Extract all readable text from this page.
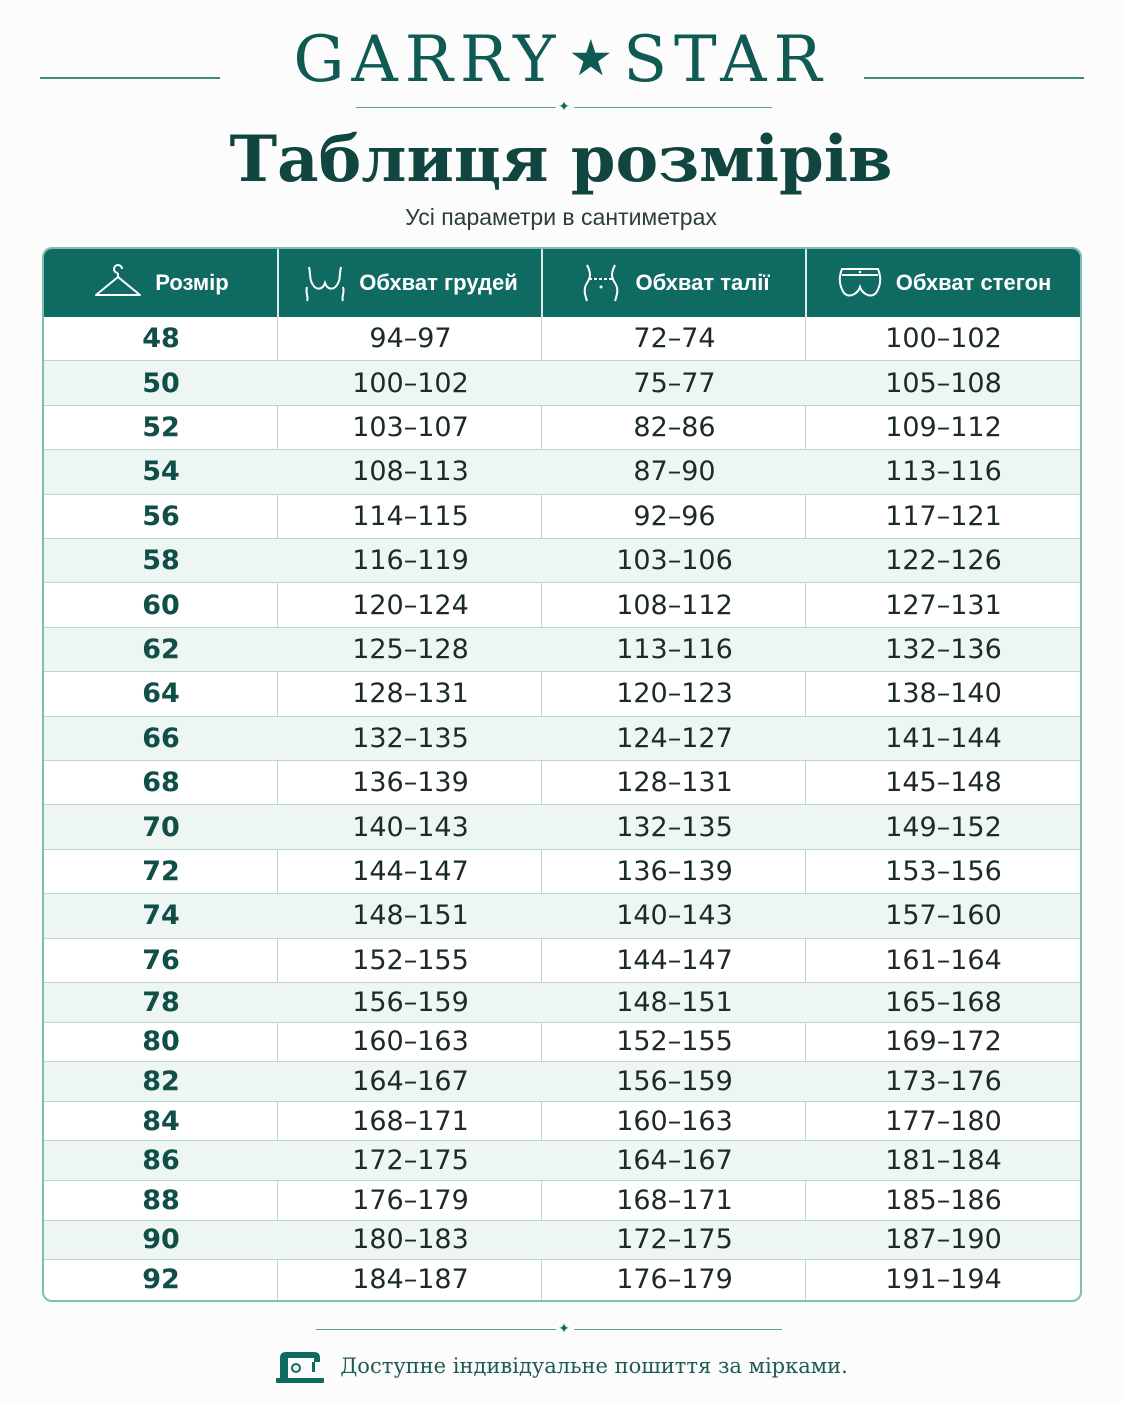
GARRY ★STAR
✦
Таблиця розмірів
Усі параметри в сантиметрах
Розмір	Обхват грудей	Обхват талії	Обхват стегон
48	94–97	72–74	100–102
50	100–102	75–77	105–108
52	103–107	82–86	109–112
54	108–113	87–90	113–116
56	114–115	92–96	117–121
58	116–119	103–106	122–126
60	120–124	108–112	127–131
62	125–128	113–116	132–136
64	128–131	120–123	138–140
66	132–135	124–127	141–144
68	136–139	128–131	145–148
70	140–143	132–135	149–152
72	144–147	136–139	153–156
74	148–151	140–143	157–160
76	152–155	144–147	161–164
78	156–159	148–151	165–168
80	160–163	152–155	169–172
82	164–167	156–159	173–176
84	168–171	160–163	177–180
86	172–175	164–167	181–184
88	176–179	168–171	185–186
90	180–183	172–175	187–190
92	184–187	176–179	191–194
✦
Доступне індивідуальне пошиття за мірками.
